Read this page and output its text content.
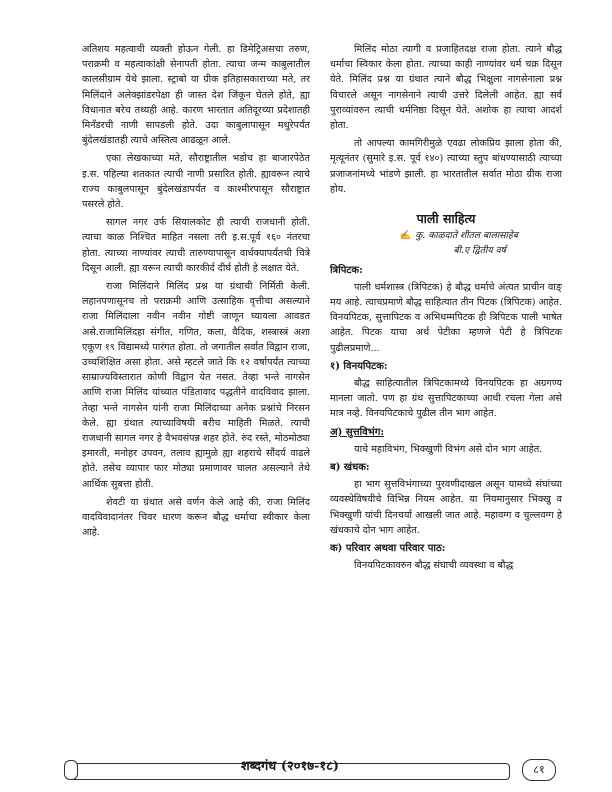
अतिशय महत्वाची व्यक्ती होऊन गेली. हा डिमेट्रिअसचा तरुण, पराक्रमी व महत्वाकांक्षी सेनापती होता. त्याचा जन्म काबुलातील कालसीग्राम येथे झाला. स्ट्राबो या ग्रीक इतिहासकाराच्या मते, तर मिलिंदाने अलेक्झांडरपेक्षा ही जास्त देश जिंकून घेतले होते, ह्या विधानात बरेच तथ्यही आहे. कारण भारतात अतिदूरच्या प्रदेशातही मिनँडरची नाणी सापडली होते. उदा काबुलापासून मथुरेपर्यंत बुंदेलखंडातही त्याचे अस्तित्व आढळून आले.

एका लेखकाच्या मते, सौराष्ट्रातील भडोच हा बाजारपेठेत इ.स. पहिल्या शतकात त्याची नाणी प्रसारित होती. ह्यावरून त्याचे राज्य काबुलपासून बुंदेलखंडापर्यंत व काश्मीरपासून सौराष्ट्रात पसरले होते.

सागल नगर उर्फ सियालकोट ही त्याची राजधानी होती. त्याचा काळ निश्चित माहित नसला तरी इ.स.पूर्व १६० नंतरचा होता. त्याच्या नाण्यांवर त्याची तारुण्यापासून वार्धक्यापर्यंतची चित्रे दिसून आली. ह्या वरून त्याची कारकीर्द दीर्घ होती हे लक्षात येते.

राजा मिलिंदाने मिलिंद प्रश्न या ग्रंथाची निर्मिती केली. लहानपणासूनच तो पराक्रमी आणि उत्साहिक वृत्तीचा असल्याने राजा मिलिंदाला नवीन नवीन गोष्टी जाणून घ्यायला आवडत असे.राजामिलिंदहा संगीत, गणित, कला, वैदिक, शस्त्रास्त्रं अशा एकूण १९ विद्यामध्ये पारंगत होता. तो जगातील सर्वात विद्वान राजा, उच्चशिक्षित असा होता. असे म्हटले जाते कि १२ वर्षापर्यंत त्याच्या साम्राज्यविस्तारात कोणी विद्वान येत नसत. तेव्हा भन्ते नागसेन आणि राजा मिलिंद यांच्यात पंडितावाद पद्धतीने वादविवाद झाला. तेव्हा भन्ते नागसेन यांनी राजा मिलिंदाच्या अनेक प्रश्नांचे निरसन केले. ह्या ग्रंथात त्याच्याविषयी बरीच माहिती मिळते. त्याची राजधानी सागल नगर हे वैभवसंपन्न शहर होते. रुंद रस्ते, मोठमोठ्या इमारती, मनोहर उपवन, तलाव ह्यामुळे ह्या शहराचे सौंदर्य वाढले होते. तसेच व्यापार फार मोठ्या प्रमाणावर चालत असल्याने तेथे आर्थिक सुबत्ता होती.

शेवटी या ग्रंथात असे वर्णन केले आहे की, राजा मिलिंद वादविवादानंतर चिवर धारण करून बौद्ध धर्माचा स्वीकार केला आहे.

मिलिंद मोठा त्यागी व प्रजाहितदक्ष राजा होता. त्याने बौद्ध धर्माचा स्विकार केला होता. त्याच्या काही नाण्यांवर धर्म चक्र दिसून येते. मिलिंद प्रश्न या ग्रंथात त्याने बौद्ध भिक्षुला नागसेनाला प्रश्न विचारले असून नागसेनाने त्याची उत्तरे दिलेली आहेत. ह्या सर्व पुराव्यांवरुन त्याची धर्मनिष्ठा दिसून येते. अशोक हा त्याचा आदर्श होता.

तो आपल्या कामगिरीमुळे एवढा लोकप्रिय झाला होता की, मृत्यूनंतर (सुमारे इ.स. पूर्व १४०) त्याच्या स्तुप बांधण्यासाठी त्याच्या प्रजाजनांमध्ये भांडणे झाली. हा भारतातील सर्वात मोठा ग्रीक राजा होय.

पाली साहित्य
✍ कु. काळदाते शीतल बालासाहेब
बी.ए द्वितीय वर्ष
त्रिपिटक:

पाली धर्मशास्त्र (त्रिपिटक) हे बौद्ध धर्माचे अंत्यत प्राचीन वाङ् मय आहे. त्याचप्रमाणे बौद्ध साहित्यात तीन पिटक (त्रिपिटक) आहेत. विनयपिटक, सुत्तापिटक व अभिधम्मपिटक ही त्रिपिटक पाली भाषेत आहेत. पिटक याचा अर्थ पेटीका म्हणजे पेटी हे त्रिपिटक पुढीलप्रमाणे...

१) विनयपिटक:

बौद्ध साहित्यातील त्रिपिटकामध्ये विनयपिटक हा अग्रगण्य मानला जातो. पण हा ग्रंथ सुत्तापिटकाच्या आधी रचला गेला असे मात्र नव्हे. विनयपिटकाचे पुढील तीन भाग आहेत.

अ) सुत्तविभंग:

याचे महाविभंग, भिक्खुणी विभंग असे दोन भाग आहेत.

ब) खंधक:

हा भाग सुत्तविभंगाच्या पुरवणीदाखल असून यामध्ये संघांच्या व्यवस्थेविषयीचे विभिन्न नियम आहेत. या नियमानुसार भिक्खु व भिक्खुणी यांची दिनचर्या आखली जात आहे. महावग्ग व चुल्लवग्ग हे खंधकाचे दोन भाग आहेत.

क) परिवार अथवा परिवार पाठ:

विनयपिटकावरुन बौद्ध संघाची व्यवस्था व बौद्ध

शब्दगंध (२०१७-१८)	८१
